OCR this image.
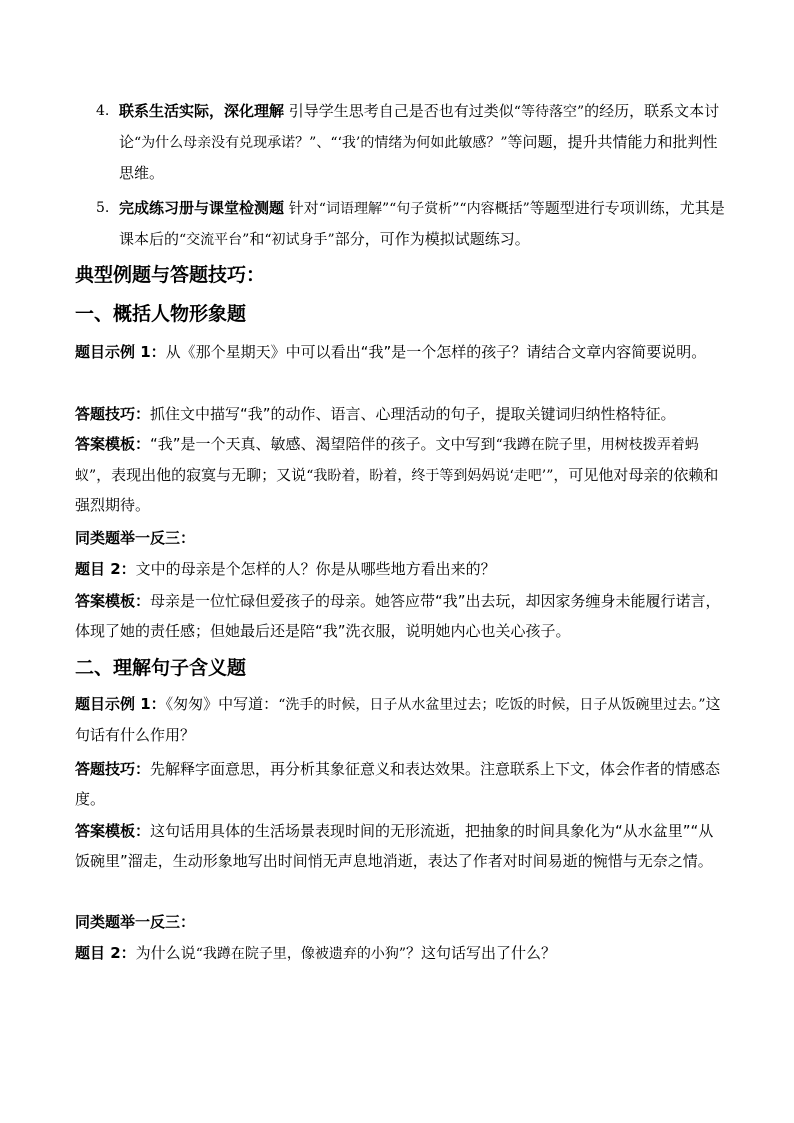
4. 联系生活实际，深化理解 引导学生思考自己是否也有过类似“等待落空”的经历，联系文本讨论“为什么母亲没有兑现承诺？”、“‘我’的情绪为何如此敏感？”等问题，提升共情能力和批判性思维。
5. 完成练习册与课堂检测题 针对“词语理解”“句子赏析”“内容概括”等题型进行专项训练，尤其是课本后的“交流平台”和“初试身手”部分，可作为模拟试题练习。
典型例题与答题技巧：
一、概括人物形象题
题目示例 1：从《那个星期天》中可以看出“我”是一个怎样的孩子？请结合文章内容简要说明。
答题技巧：抓住文中描写“我”的动作、语言、心理活动的句子，提取关键词归纳性格特征。
答案模板：“我”是一个天真、敏感、渴望陪伴的孩子。文中写到“我蹲在院子里，用树枝拨弄着蚂蚁”，表现出他的寂寞与无聊；又说“我盼着，盼着，终于等到妈妈说‘走吧’”，可见他对母亲的依赖和强烈期待。
同类题举一反三：
题目 2：文中的母亲是个怎样的人？你是从哪些地方看出来的？
答案模板：母亲是一位忙碌但爱孩子的母亲。她答应带“我”出去玩，却因家务缠身未能履行诺言，体现了她的责任感；但她最后还是陪“我”洗衣服，说明她内心也关心孩子。
二、理解句子含义题
题目示例 1：《匆匆》中写道：“洗手的时候，日子从水盆里过去；吃饭的时候，日子从饭碗里过去。”这句话有什么作用？
答题技巧：先解释字面意思，再分析其象征意义和表达效果。注意联系上下文，体会作者的情感态度。
答案模板：这句话用具体的生活场景表现时间的无形流逝，把抽象的时间具象化为“从水盆里”“从饭碗里”溜走，生动形象地写出时间悄无声息地消逝，表达了作者对时间易逝的惋惜与无奈之情。
同类题举一反三：
题目 2：为什么说“我蹲在院子里，像被遗弃的小狗”？这句话写出了什么？
